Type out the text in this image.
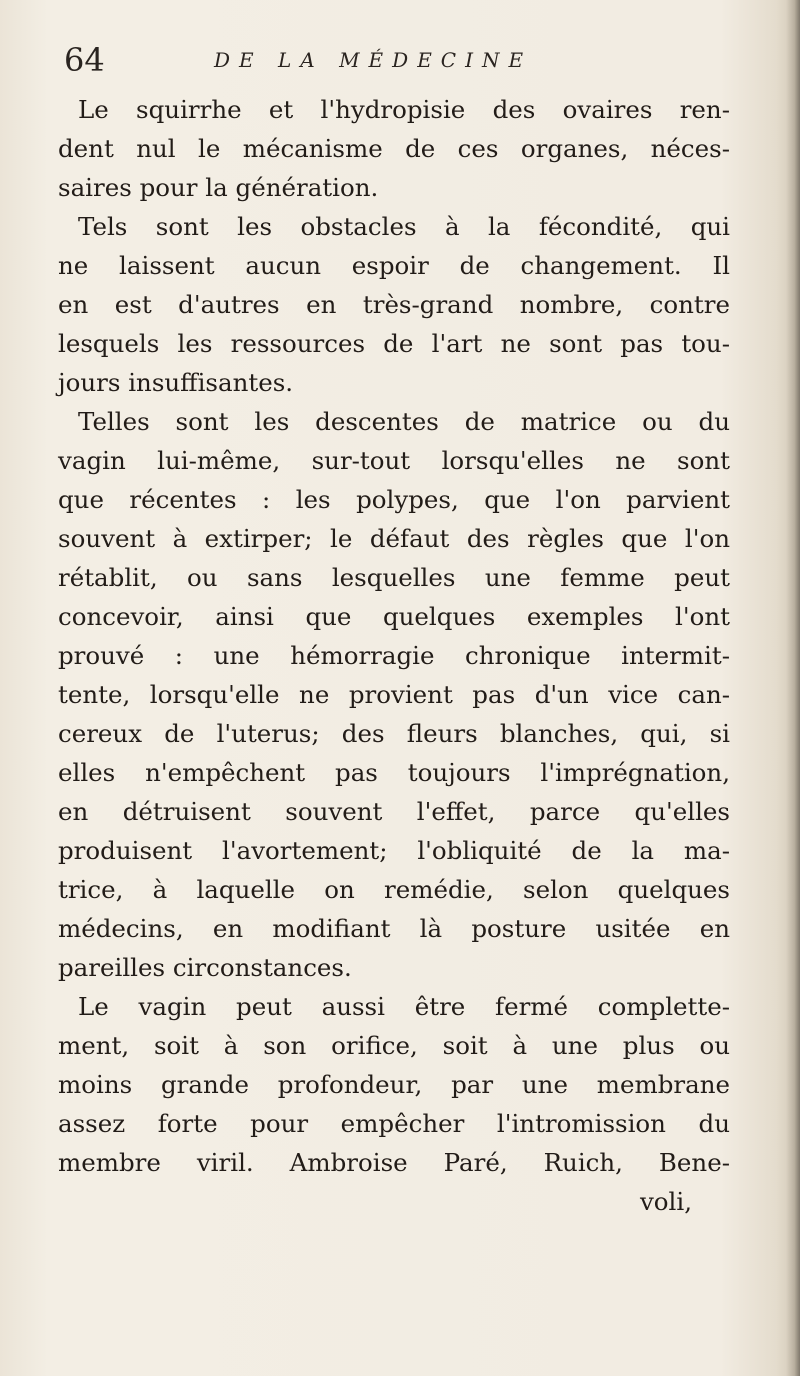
64	DE LA MÉDECINE
Le squirrhe et l'hydropisie des ovaires ren-
dent nul le mécanisme de ces organes, néces-
saires pour la génération.
Tels sont les obstacles à la fécondité, qui
ne laissent aucun espoir de changement. Il
en est d'autres en très-grand nombre, contre
lesquels les ressources de l'art ne sont pas tou-
jours insuffisantes.
Telles sont les descentes de matrice ou du
vagin lui-même, sur-tout lorsqu'elles ne sont
que récentes : les polypes, que l'on parvient
souvent à extirper; le défaut des règles que l'on
rétablit, ou sans lesquelles une femme peut
concevoir, ainsi que quelques exemples l'ont
prouvé : une hémorragie chronique intermit-
tente, lorsqu'elle ne provient pas d'un vice can-
cereux de l'uterus; des fleurs blanches, qui, si
elles n'empêchent pas toujours l'imprégnation,
en détruisent souvent l'effet, parce qu'elles
produisent l'avortement; l'obliquité de la ma-
trice, à laquelle on remédie, selon quelques
médecins, en modifiant là posture usitée en
pareilles circonstances.
Le vagin peut aussi être fermé complette-
ment, soit à son orifice, soit à une plus ou
moins grande profondeur, par une membrane
assez forte pour empêcher l'intromission du
membre viril. Ambroise Paré, Ruich, Bene-
voli,
